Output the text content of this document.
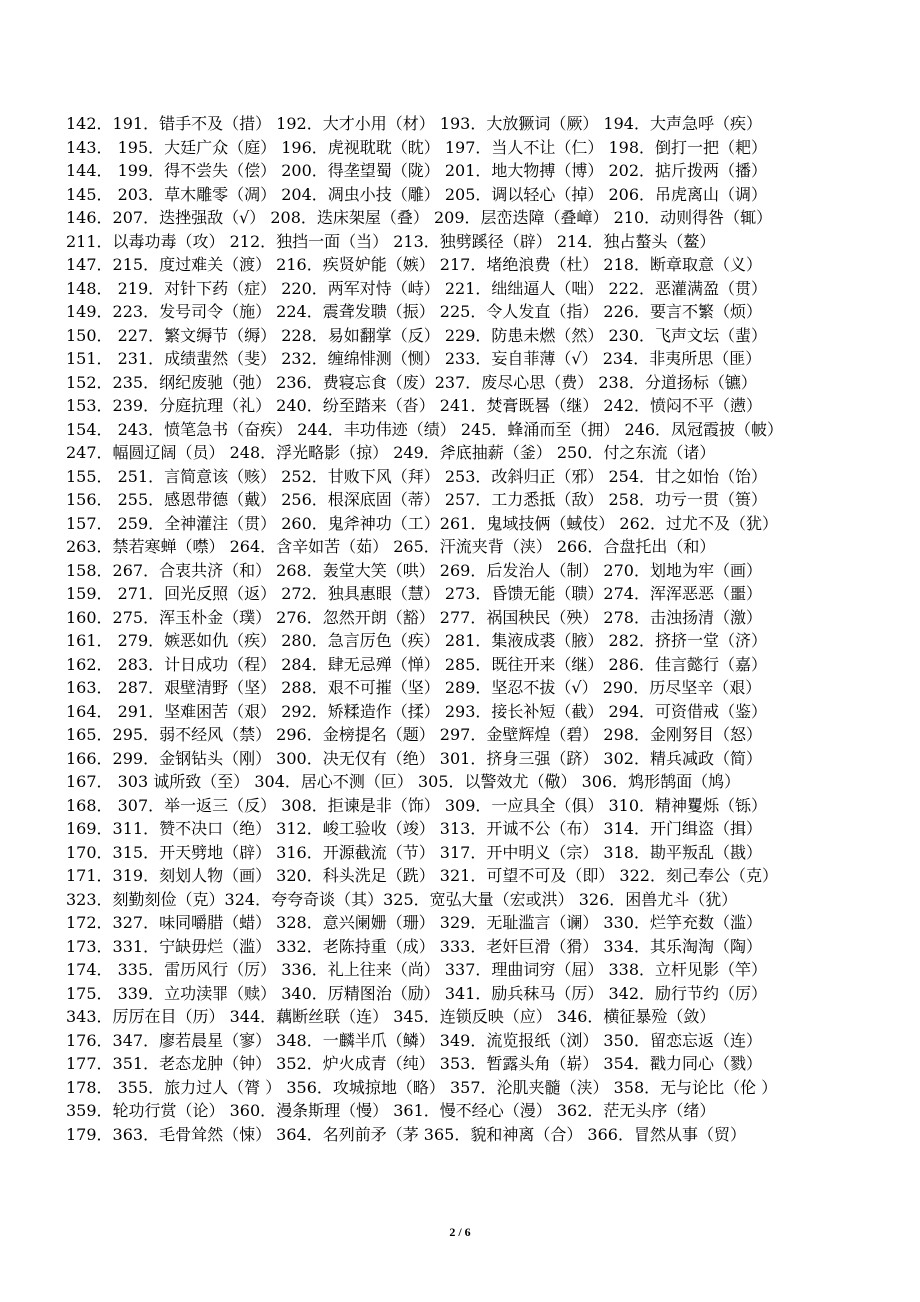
142．191．错手不及（措） 192．大才小用（材） 193．大放獗词（厥） 194．大声急呼（疾）
143． 195．大廷广众（庭） 196．虎视耽耽（眈） 197．当人不让（仁） 198．倒打一把（耙）
144． 199．得不尝失（偿） 200．得垄望蜀（陇） 201．地大物搏（博） 202．掂斤拨两（播）
145． 203．草木雕零（凋） 204．凋虫小技（雕） 205．调以轻心（掉） 206．吊虎离山（调）
146．207．迭挫强敌（√） 208．迭床架屋（叠） 209．层峦迭障（叠嶂） 210．动则得咎（辄）
211．以毒功毒（攻） 212．独挡一面（当） 213．独劈蹊径（辟） 214．独占螯头（鳌）
147．215．度过难关（渡） 216．疾贤妒能（嫉） 217．堵绝浪费（杜） 218．断章取意（义）
148． 219．对针下药（症） 220．两军对恃（峙） 221．绌绌逼人（咄） 222．恶灌满盈（贯）
149．223．发号司令（施） 224．震聋发聩（振） 225．令人发直（指） 226．要言不繁（烦）
150． 227．繁文缛节（缛） 228．易如翻掌（反） 229．防患未燃（然） 230．飞声文坛（蜚）
151． 231．成绩蜚然（斐） 232．缠绵悱测（恻） 233．妄自菲薄（√） 234．非夷所思（匪）
152．235．纲纪废驰（弛） 236．费寝忘食（废）237．废尽心思（费） 238．分道扬标（镳）
153．239．分庭抗理（礼） 240．纷至踏来（沓） 241．焚膏既晷（继） 242．愤闷不平（懑）
154． 243．愤笔急书（奋疾） 244．丰功伟迹（绩） 245．蜂涌而至（拥） 246．凤冠霞披（帔）
247．幅圆辽阔（员） 248．浮光略影（掠） 249．斧底抽薪（釜） 250．付之东流（诸）
155． 251．言简意该（赅） 252．甘败下风（拜） 253．改斜归正（邪） 254．甘之如怡（饴）
156． 255．感恩带德（戴） 256．根深底固（蒂） 257．工力悉抵（敌） 258．功亏一贯（篑）
157． 259．全神灌注（贯） 260．鬼斧神功（工）261．鬼域技俩（蜮伎） 262．过尤不及（犹）
263．禁若寒蝉（噤） 264．含辛如苦（茹） 265．汗流夹背（浃） 266．合盘托出（和）
158．267．合衷共济（和） 268．轰堂大笑（哄） 269．后发治人（制） 270．划地为牢（画）
159． 271．回光反照（返） 272．独具惠眼（慧） 273．昏馈无能（聩）274．浑浑恶恶（噩）
160．275．浑玉朴金（璞） 276．忽然开朗（豁） 277．祸国秧民（殃） 278．击浊扬清（激）
161． 279．嫉恶如仇（疾） 280．急言厉色（疾） 281．集液成裘（腋） 282．挤挤一堂（济）
162． 283．计日成功（程） 284．肆无忌殚（惮） 285．既往开来（继） 286．佳言懿行（嘉）
163． 287．艰壁清野（坚） 288．艰不可摧（坚） 289．坚忍不拔（√） 290．历尽坚辛（艰）
164． 291．坚难困苦（艰） 292．矫糅造作（揉） 293．接长补短（截） 294．可资借戒（鉴）
165．295．弱不经风（禁） 296．金榜提名（题） 297．金壁辉煌（碧） 298．金刚努目（怒）
166．299．金钢钻头（刚） 300．决无仅有（绝） 301．挤身三强（跻） 302．精兵减政（简）
167． 303 诚所致（至） 304．居心不测（叵） 305．以警效尤（儆） 306．鸩形鹄面（鸠）
168． 307．举一返三（反） 308．拒谏是非（饰） 309．一应具全（俱） 310．精神矍烁（铄）
169．311．赞不决口（绝） 312．峻工验收（竣） 313．开诚不公（布） 314．开门缉盗（揖）
170．315．开天劈地（辟） 316．开源截流（节） 317．开中明义（宗） 318．勘平叛乱（戡）
171．319．刻划人物（画） 320．科头洗足（跣） 321．可望不可及（即） 322．刻己奉公（克）
323．刻勤刻俭（克）324．夸夸奇谈（其）325．宽弘大量（宏或洪） 326．困兽尤斗（犹）
172．327．味同嚼腊（蜡） 328．意兴阑姗（珊） 329．无耻滥言（谰） 330．烂竽充数（滥）
173．331．宁缺毋烂（滥） 332．老陈持重（成） 333．老奸巨滑（猾） 334．其乐淘淘（陶）
174． 335．雷历风行（厉） 336．礼上往来（尚） 337．理曲词穷（屈） 338．立杆见影（竿）
175． 339．立功渎罪（赎） 340．厉精图治（励） 341．励兵秣马（厉） 342．励行节约（厉）
343．厉厉在目（历） 344．藕断丝联（连） 345．连锁反映（应） 346．横征暴殓（敛）
176．347．廖若晨星（寥） 348．一麟半爪（鳞） 349．流览报纸（浏） 350．留恋忘返（连）
177．351．老态龙肿（钟） 352．炉火成青（纯） 353．暂露头角（崭） 354．戳力同心（戮）
178． 355．旅力过人（膂 ） 356．攻城掠地（略） 357．沦肌夹髓（浃） 358．无与论比（伦 ）
359．轮功行赏（论） 360．漫条斯理（慢） 361．慢不经心（漫） 362．茫无头序（绪）
179．363．毛骨耸然（悚） 364．名列前矛（茅 365．貌和神离（合） 366．冒然从事（贸）
2 / 6
